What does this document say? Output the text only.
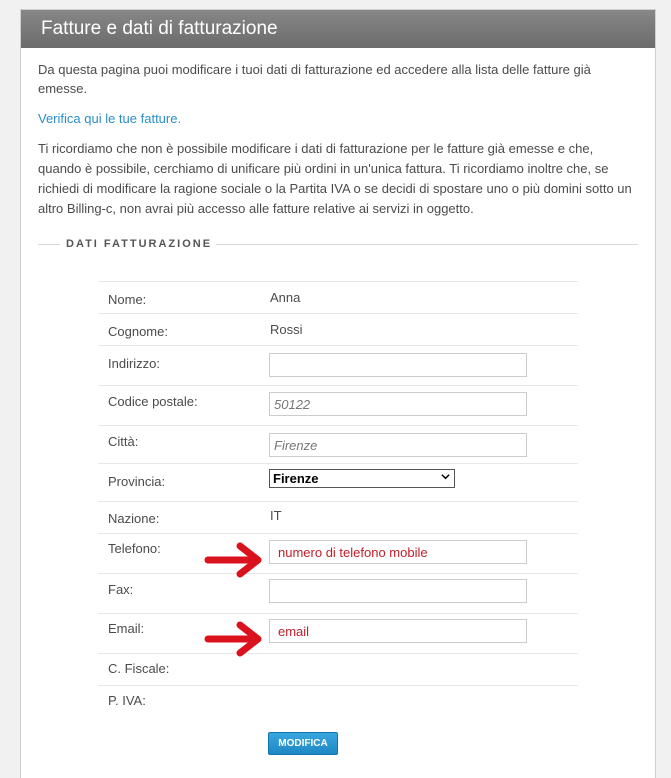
Fatture e dati di fatturazione

Da questa pagina puoi modificare i tuoi dati di fatturazione ed accedere alla lista delle fatture già emesse.

Verifica qui le tue fatture.

Ti ricordiamo che non è possibile modificare i dati di fatturazione per le fatture già emesse e che, quando è possibile, cerchiamo di unificare più ordini in un'unica fattura. Ti ricordiamo inoltre che, se richiedi di modificare la ragione sociale o la Partita IVA o se decidi di spostare uno o più domini sotto un altro Billing-c, non avrai più accesso alle fatture relative ai servizi in oggetto.

DATI FATTURAZIONE
Nome:	Anna
Cognome:	Rossi
Indirizzo:
Codice postale:	50122
Città:	Firenze
Provincia:	Firenze
Nazione:	IT
Telefono:	numero di telefono mobile
Fax:
Email:	email
C. Fiscale:
P. IVA:
MODIFICA
